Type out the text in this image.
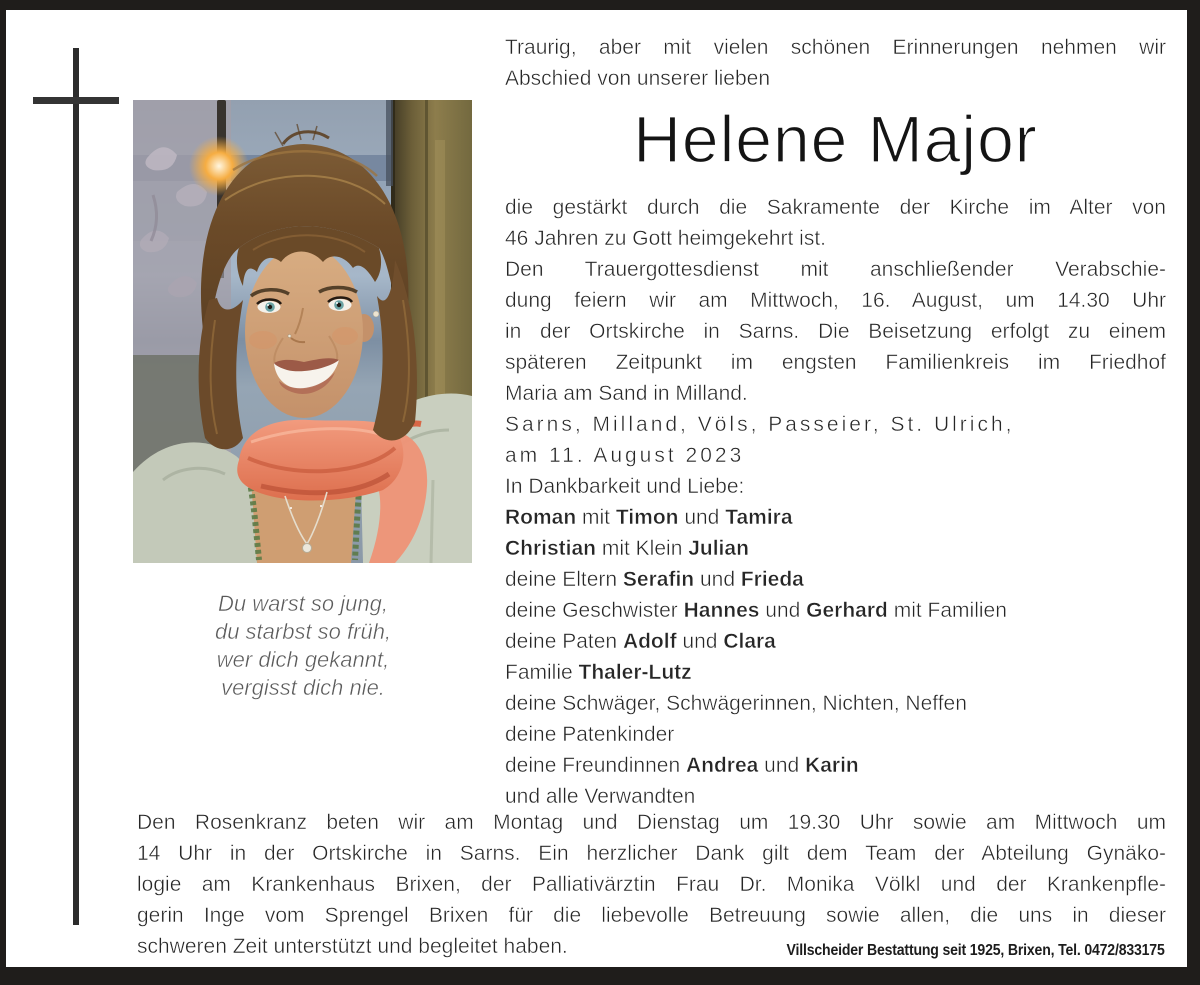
Traurig, aber mit vielen schönen Erinnerungen nehmen wir
Abschied von unserer lieben
Helene Major
die gestärkt durch die Sakramente der Kirche im Alter von
46 Jahren zu Gott heimgekehrt ist.
Den Trauergottesdienst mit anschließender Verabschie-
dung feiern wir am Mittwoch, 16. August, um 14.30 Uhr
in der Ortskirche in Sarns. Die Beisetzung erfolgt zu einem
späteren Zeitpunkt im engsten Familienkreis im Friedhof
Maria am Sand in Milland.
Sarns, Milland, Völs, Passeier, St. Ulrich,
am 11. August 2023
In Dankbarkeit und Liebe:
Roman mit Timon und Tamira
Christian mit Klein Julian
deine Eltern Serafin und Frieda
deine Geschwister Hannes und Gerhard mit Familien
deine Paten Adolf und Clara
Familie Thaler-Lutz
deine Schwäger, Schwägerinnen, Nichten, Neffen
deine Patenkinder
deine Freundinnen Andrea und Karin
und alle Verwandten
Du warst so jung,
du starbst so früh,
wer dich gekannt,
vergisst dich nie.
Den Rosenkranz beten wir am Montag und Dienstag um 19.30 Uhr sowie am Mittwoch um
14 Uhr in der Ortskirche in Sarns. Ein herzlicher Dank gilt dem Team der Abteilung Gynäko-
logie am Krankenhaus Brixen, der Palliativärztin Frau Dr. Monika Völkl und der Krankenpfle-
gerin Inge vom Sprengel Brixen für die liebevolle Betreuung sowie allen, die uns in dieser
schweren Zeit unterstützt und begleitet haben.	Villscheider Bestattung seit 1925, Brixen, Tel. 0472/833175
